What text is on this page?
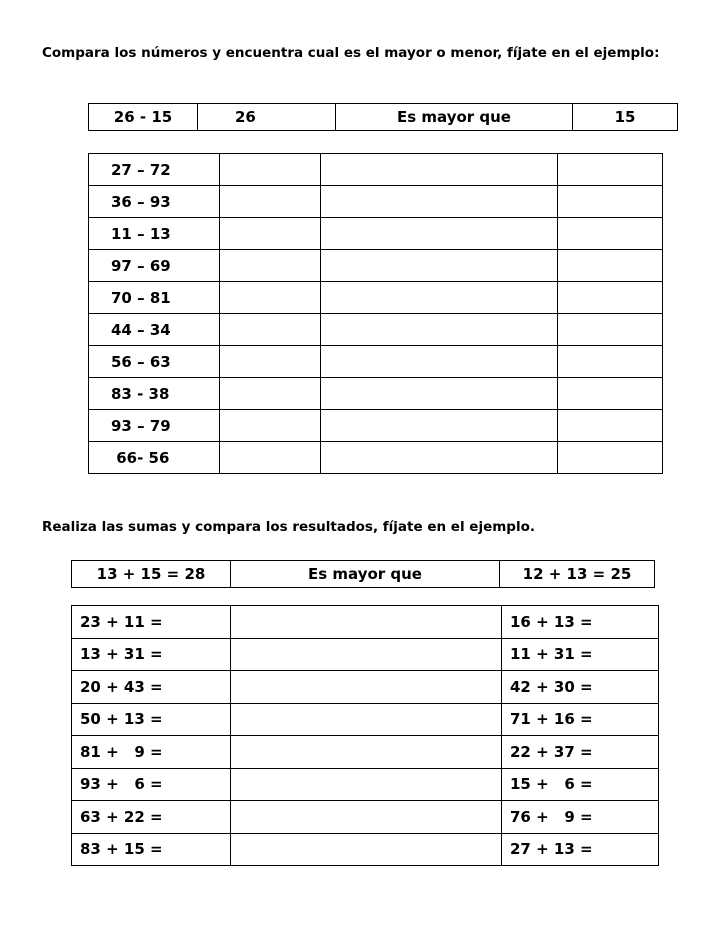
Compara los números y encuentra cual es el mayor o menor, fíjate en el ejemplo:

26 - 15	26	Es mayor que	15
27 – 72			
36 – 93			
11 – 13			
97 – 69			
70 – 81			
44 – 34			
56 – 63			
83 - 38			
93 – 79			
66- 56			

Realiza las sumas y compara los resultados, fíjate en el ejemplo.

13 + 15 = 28	Es mayor que	12 + 13 = 25
23 + 11 =		16 + 13 =
13 + 31 =		11 + 31 =
20 + 43 =		42 + 30 =
50 + 13 =		71 + 16 =
81 +   9 =		22 + 37 =
93 +   6 =		15 +   6 =
63 + 22 =		76 +   9 =
83 + 15 =		27 + 13 =
